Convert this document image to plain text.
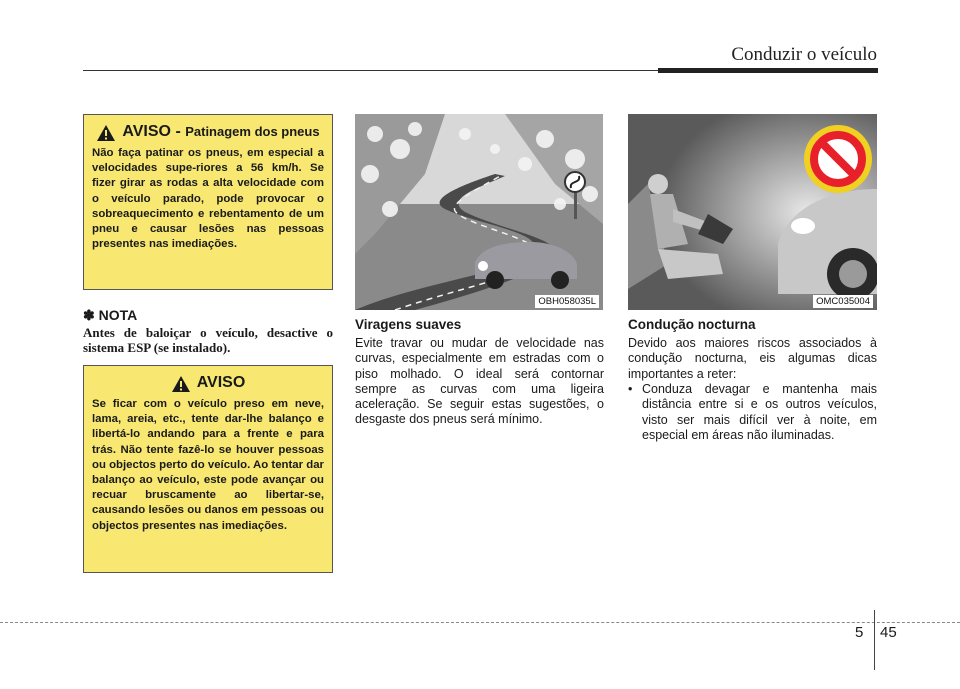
Conduzir o veículo
AVISO - Patinagem dos pneus
Não faça patinar os pneus, em especial a velocidades supe-riores a 56 km/h. Se fizer girar as rodas a alta velocidade com o veículo parado, pode provocar o sobreaquecimento e rebentamento de um pneu e causar lesões nas pessoas presentes nas imediações.
✽ NOTA
Antes de baloiçar o veículo, desactive o sistema ESP (se instalado).
AVISO
Se ficar com o veículo preso em neve, lama, areia, etc., tente dar-lhe balanço e libertá-lo andando para a frente e para trás. Não tente fazê-lo se houver pessoas ou objectos perto do veículo. Ao tentar dar balanço ao veículo, este pode avançar ou recuar bruscamente ao libertar-se, causando lesões ou danos em pessoas ou objectos presentes nas imediações.
OBH058035L	OMC035004
Viragens suaves
Evite travar ou mudar de velocidade nas curvas, especialmente em estradas com o piso molhado. O ideal será contornar sempre as curvas com uma ligeira aceleração. Se seguir estas sugestões, o desgaste dos pneus será mínimo.
Condução nocturna
Devido aos maiores riscos associados à condução nocturna, eis algumas dicas importantes a reter:
• Conduza devagar e mantenha mais distância entre si e os outros veículos, visto ser mais difícil ver à noite, em especial em áreas não iluminadas.
5 45
